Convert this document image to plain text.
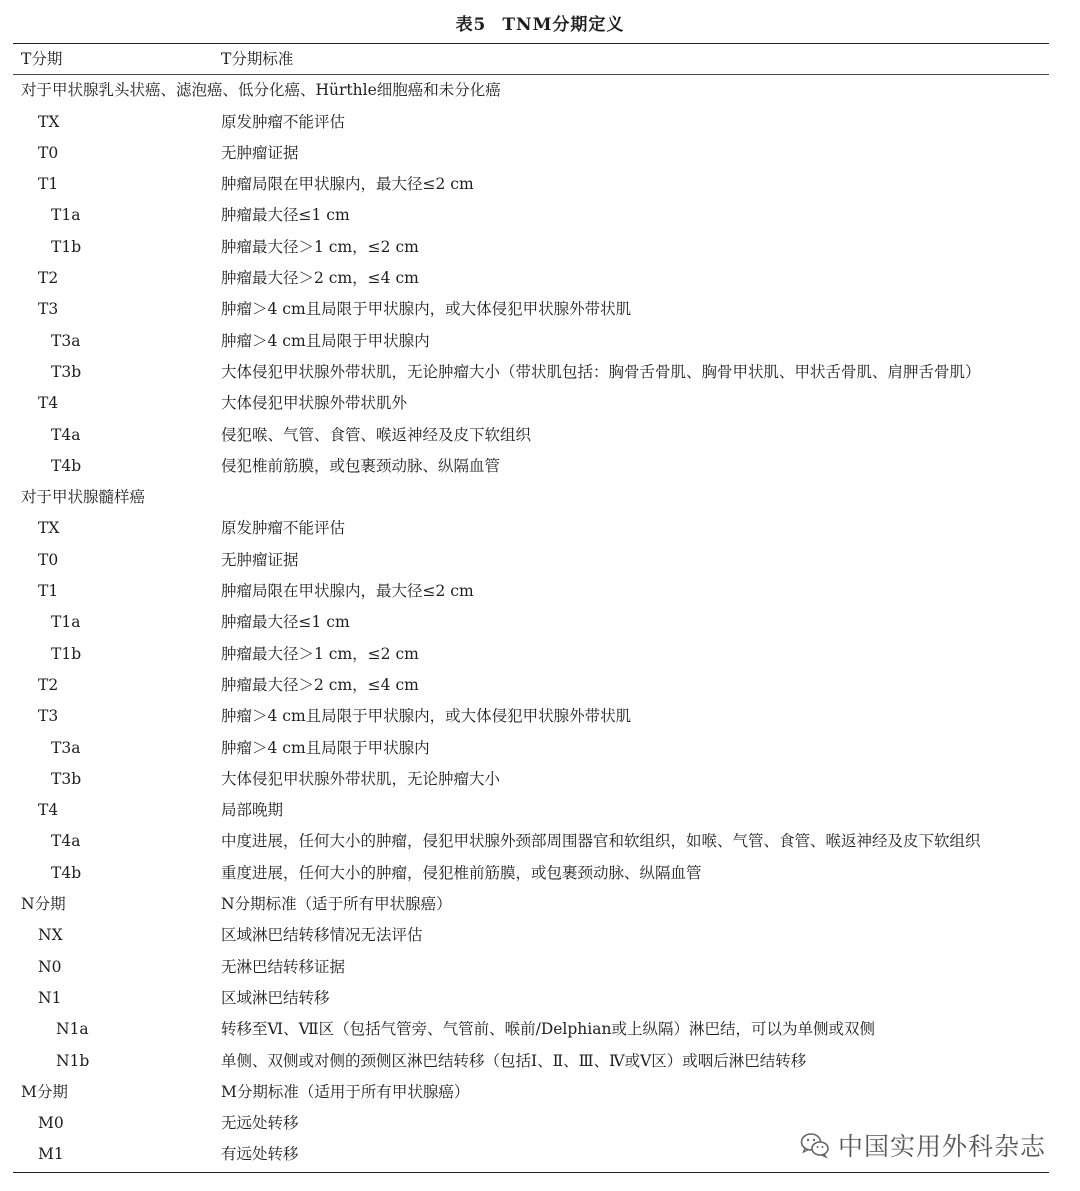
表5 TNM分期定义
T分期	T分期标准
对于甲状腺乳头状癌、滤泡癌、低分化癌、Hürthle细胞癌和未分化癌
TX	原发肿瘤不能评估
T0	无肿瘤证据
T1	肿瘤局限在甲状腺内，最大径≤2 cm
T1a	肿瘤最大径≤1 cm
T1b	肿瘤最大径＞1 cm，≤2 cm
T2	肿瘤最大径＞2 cm，≤4 cm
T3	肿瘤＞4 cm且局限于甲状腺内，或大体侵犯甲状腺外带状肌
T3a	肿瘤＞4 cm且局限于甲状腺内
T3b	大体侵犯甲状腺外带状肌，无论肿瘤大小（带状肌包括：胸骨舌骨肌、胸骨甲状肌、甲状舌骨肌、肩胛舌骨肌）
T4	大体侵犯甲状腺外带状肌外
T4a	侵犯喉、气管、食管、喉返神经及皮下软组织
T4b	侵犯椎前筋膜，或包裹颈动脉、纵隔血管
对于甲状腺髓样癌
TX	原发肿瘤不能评估
T0	无肿瘤证据
T1	肿瘤局限在甲状腺内，最大径≤2 cm
T1a	肿瘤最大径≤1 cm
T1b	肿瘤最大径＞1 cm，≤2 cm
T2	肿瘤最大径＞2 cm，≤4 cm
T3	肿瘤＞4 cm且局限于甲状腺内，或大体侵犯甲状腺外带状肌
T3a	肿瘤＞4 cm且局限于甲状腺内
T3b	大体侵犯甲状腺外带状肌，无论肿瘤大小
T4	局部晚期
T4a	中度进展，任何大小的肿瘤，侵犯甲状腺外颈部周围器官和软组织，如喉、气管、食管、喉返神经及皮下软组织
T4b	重度进展，任何大小的肿瘤，侵犯椎前筋膜，或包裹颈动脉、纵隔血管
N分期	N分期标准（适于所有甲状腺癌）
NX	区域淋巴结转移情况无法评估
N0	无淋巴结转移证据
N1	区域淋巴结转移
N1a	转移至Ⅵ、Ⅶ区（包括气管旁、气管前、喉前/Delphian或上纵隔）淋巴结，可以为单侧或双侧
N1b	单侧、双侧或对侧的颈侧区淋巴结转移（包括Ⅰ、Ⅱ、Ⅲ、Ⅳ或Ⅴ区）或咽后淋巴结转移
M分期	M分期标准（适用于所有甲状腺癌）
M0	无远处转移
M1	有远处转移	中国实用外科杂志
